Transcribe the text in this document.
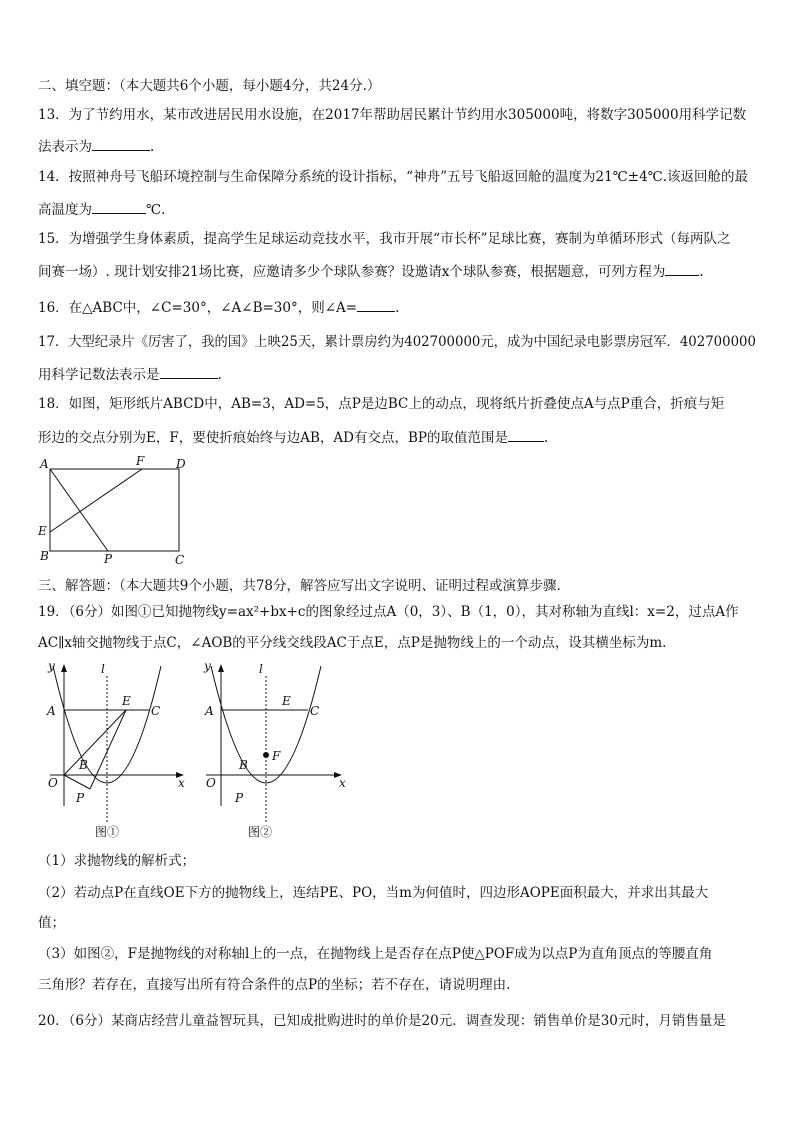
二、填空题：（本大题共6个小题，每小题4分，共24分.）
13．为了节约用水，某市改进居民用水设施，在2017年帮助居民累计节约用水305000吨，将数字305000用科学记数
法表示为	.
14．按照神舟号飞船环境控制与生命保障分系统的设计指标，“神舟”五号飞船返回舱的温度为21℃±4℃.该返回舱的最
高温度为	℃.
15．为增强学生身体素质，提高学生足球运动竞技水平，我市开展“市长杯”足球比赛，赛制为单循环形式（每两队之
间赛一场）. 现计划安排21场比赛，应邀请多少个球队参赛？设邀请x个球队参赛，根据题意，可列方程为	.
16．在△ABC中，∠C=30°，∠A∠B=30°，则∠A=	.
17．大型纪录片《厉害了，我的国》上映25天，累计票房约为402700000元，成为中国纪录电影票房冠军．402700000
用科学记数法表示是	.
18．如图，矩形纸片ABCD中，AB=3，AD=5，点P是边BC上的动点，现将纸片折叠使点A与点P重合，折痕与矩
形边的交点分别为E，F，要使折痕始终与边AB，AD有交点，BP的取值范围是	.
A	F	D
E
B	P	C
三、解答题：（本大题共9个小题，共78分，解答应写出文字说明、证明过程或演算步骤.
19．（6分）如图①已知抛物线y=ax²+bx+c的图象经过点A（0，3）、B（1，0），其对称轴为直线l：x=2，过点A作
AC∥x轴交抛物线于点C，∠AOB的平分线交线段AC于点E，点P是抛物线上的一个动点，设其横坐标为m.
y	l
A
E
C
B
O
P
x
图①
y	l
A
E
C
F
B
O
P
x
图②
（1）求抛物线的解析式；
（2）若动点P在直线OE下方的抛物线上，连结PE、PO，当m为何值时，四边形AOPE面积最大，并求出其最大
值；
（3）如图②，F是抛物线的对称轴l上的一点，在抛物线上是否存在点P使△POF成为以点P为直角顶点的等腰直角
三角形？若存在，直接写出所有符合条件的点P的坐标；若不存在，请说明理由.
20．（6分）某商店经营儿童益智玩具，已知成批购进时的单价是20元．调查发现：销售单价是30元时，月销售量是
